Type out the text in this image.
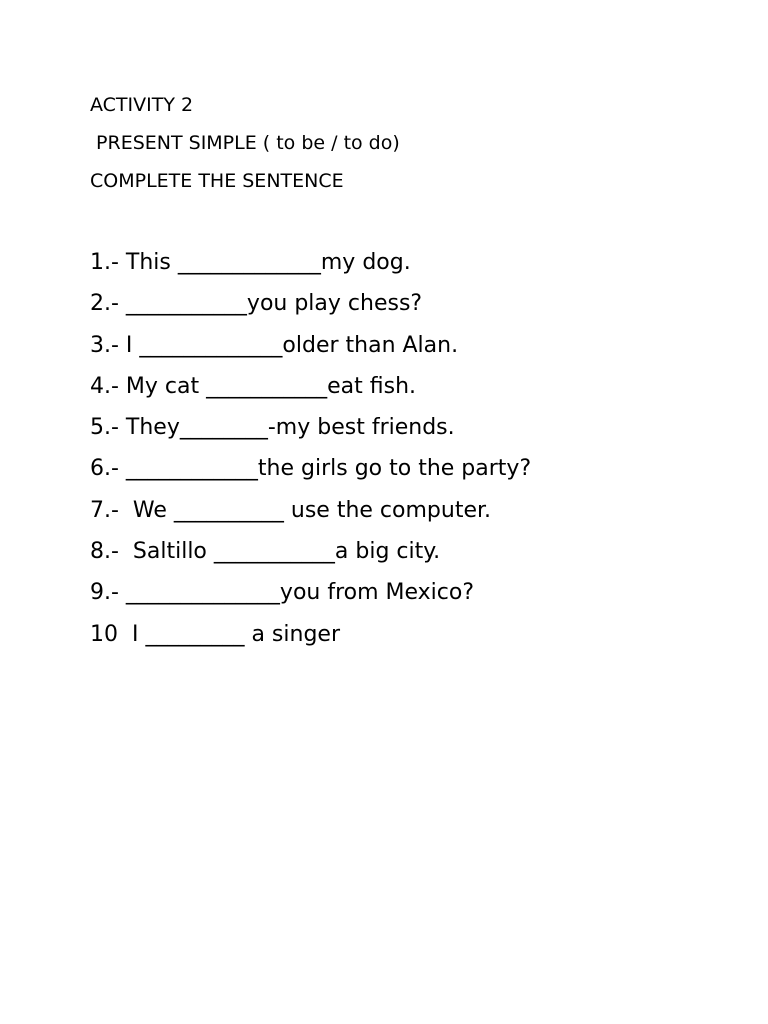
ACTIVITY 2
PRESENT SIMPLE ( to be / to do)
COMPLETE THE SENTENCE
1.- This _____________my dog.
2.- ___________you play chess?
3.- I _____________older than Alan.
4.- My cat ___________eat fish.
5.- They________-my best friends.
6.- ____________the girls go to the party?
7.-  We __________ use the computer.
8.-  Saltillo ___________a big city.
9.- ______________you from Mexico?
10  I _________ a singer
